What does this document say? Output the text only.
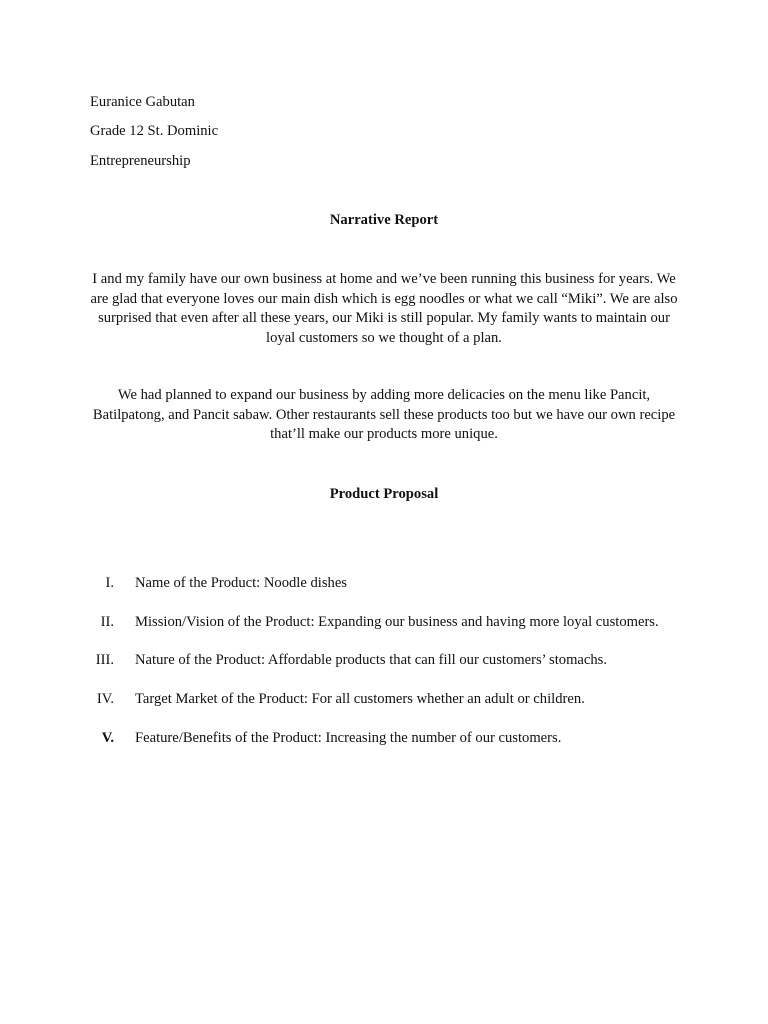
Euranice Gabutan
Grade 12 St. Dominic
Entrepreneurship
Narrative Report
I and my family have our own business at home and we’ve been running this business for years. We are glad that everyone loves our main dish which is egg noodles or what we call “Miki”. We are also surprised that even after all these years, our Miki is still popular. My family wants to maintain our loyal customers so we thought of a plan.
We had planned to expand our business by adding more delicacies on the menu like Pancit, Batilpatong, and Pancit sabaw. Other restaurants sell these products too but we have our own recipe that’ll make our products more unique.
Product Proposal
I. Name of the Product: Noodle dishes
II. Mission/Vision of the Product: Expanding our business and having more loyal customers.
III. Nature of the Product: Affordable products that can fill our customers’ stomachs.
IV. Target Market of the Product: For all customers whether an adult or children.
V. Feature/Benefits of the Product: Increasing the number of our customers.
